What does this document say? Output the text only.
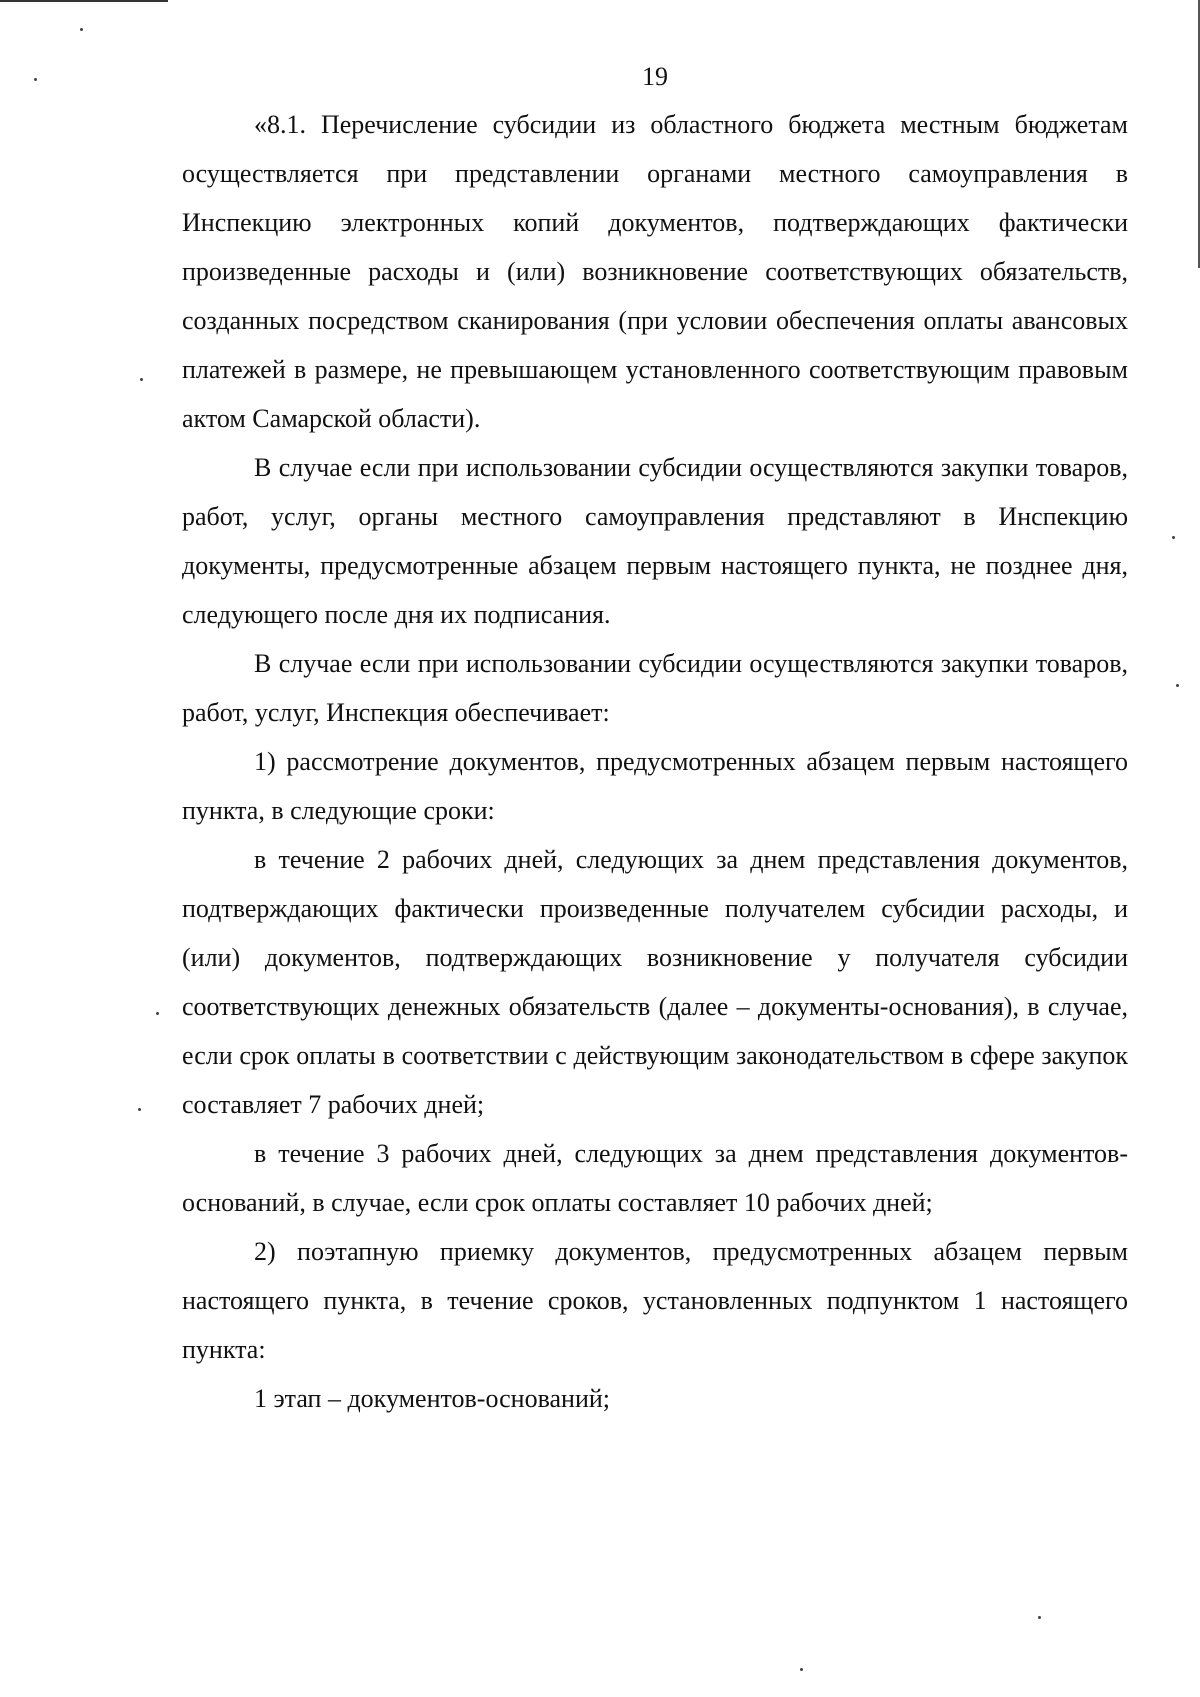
19

«8.1. Перечисление субсидии из областного бюджета местным бюджетам осуществляется при представлении органами местного самоуправления в Инспекцию электронных копий документов, подтверждающих фактически произведенные расходы и (или) возникновение соответствующих обязательств, созданных посредством сканирования (при условии обеспечения оплаты авансовых платежей в размере, не превышающем установленного соответствующим правовым актом Самарской области).

В случае если при использовании субсидии осуществляются закупки товаров, работ, услуг, органы местного самоуправления представляют в Инспекцию документы, предусмотренные абзацем первым настоящего пункта, не позднее дня, следующего после дня их подписания.

В случае если при использовании субсидии осуществляются закупки товаров, работ, услуг, Инспекция обеспечивает:

1) рассмотрение документов, предусмотренных абзацем первым настоящего пункта, в следующие сроки:

в течение 2 рабочих дней, следующих за днем представления документов, подтверждающих фактически произведенные получателем субсидии расходы, и (или) документов, подтверждающих возникновение у получателя субсидии соответствующих денежных обязательств (далее – документы-основания), в случае, если срок оплаты в соответствии с действующим законодательством в сфере закупок составляет 7 рабочих дней;

в течение 3 рабочих дней, следующих за днем представления документов-оснований, в случае, если срок оплаты составляет 10 рабочих дней;

2) поэтапную приемку документов, предусмотренных абзацем первым настоящего пункта, в течение сроков, установленных подпунктом 1 настоящего пункта:

1 этап – документов-оснований;
